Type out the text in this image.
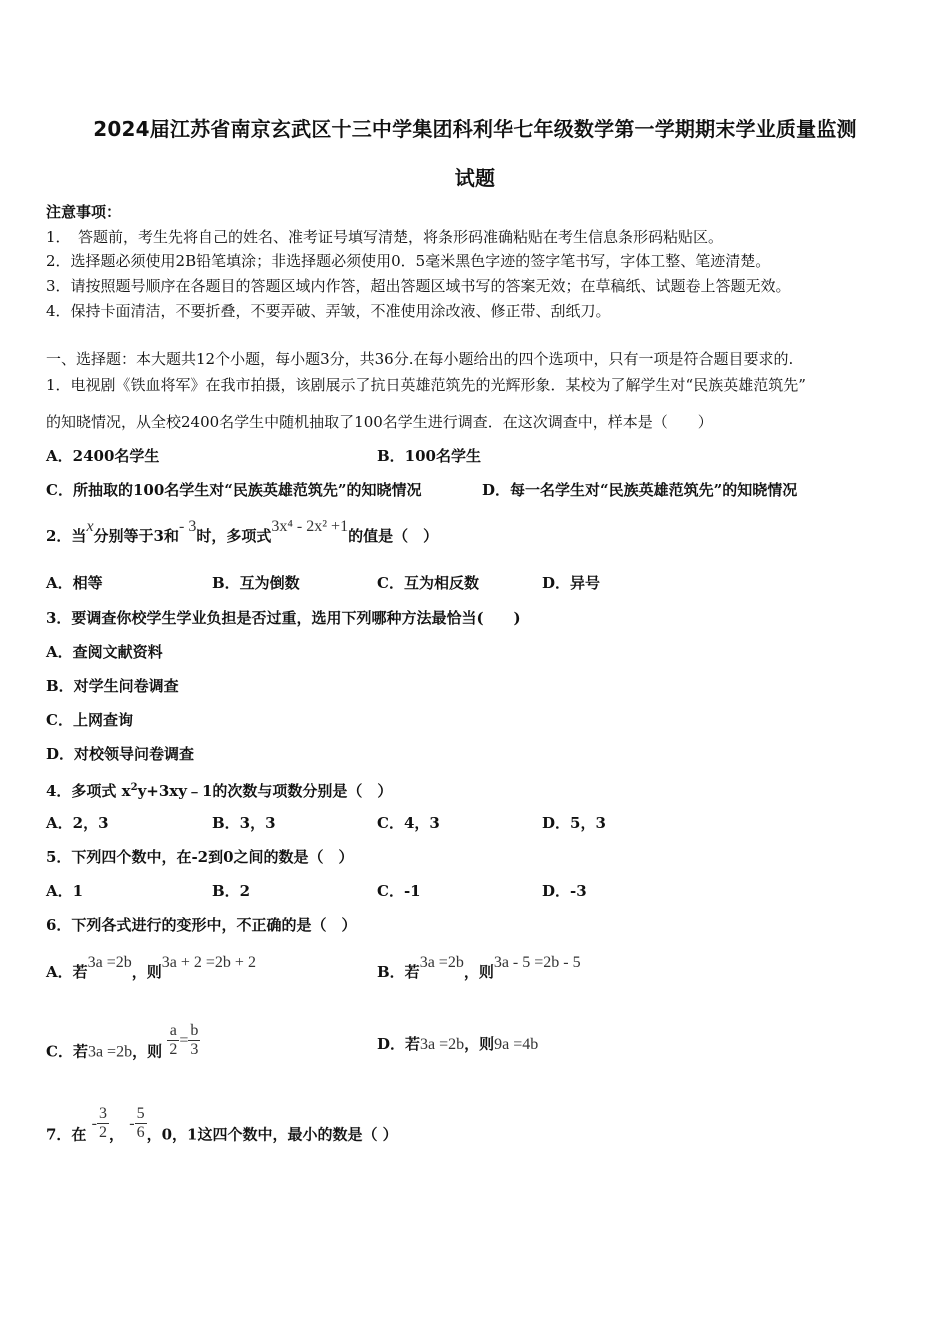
2024届江苏省南京玄武区十三中学集团科利华七年级数学第一学期期末学业质量监测
试题
注意事项：
1．　答题前，考生先将自己的姓名、准考证号填写清楚，将条形码准确粘贴在考生信息条形码粘贴区。
2．选择题必须使用2B铅笔填涂；非选择题必须使用0．5毫米黑色字迹的签字笔书写，字体工整、笔迹清楚。
3．请按照题号顺序在各题目的答题区域内作答，超出答题区域书写的答案无效；在草稿纸、试题卷上答题无效。
4．保持卡面清洁，不要折叠，不要弄破、弄皱，不准使用涂改液、修正带、刮纸刀。
一、选择题：本大题共12个小题，每小题3分，共36分.在每小题给出的四个选项中，只有一项是符合题目要求的.
1．电视剧《铁血将军》在我市拍摄，该剧展示了抗日英雄范筑先的光辉形象．某校为了解学生对“民族英雄范筑先”
的知晓情况，从全校2400名学生中随机抽取了100名学生进行调查．在这次调查中，样本是（　　）
A．2400名学生	B．100名学生
C．所抽取的100名学生对“民族英雄范筑先”的知晓情况	D．每一名学生对“民族英雄范筑先”的知晓情况
2．当x分别等于3和- 3时，多项式3x⁴ - 2x² +1的值是（　）
A．相等	B．互为倒数	C．互为相反数	D．异号
3．要调查你校学生学业负担是否过重，选用下列哪种方法最恰当(　　)
A．查阅文献资料
B．对学生问卷调查
C．上网查询
D．对校领导问卷调查
4．多项式 $x^2y+3xy﹣1$的次数与项数分别是（　）
A．2，3	B．3，3	C．4，3	D．5，3
5．下列四个数中，在-2到0之间的数是（　）
A．1	B．2	C．-1	D．-3
6．下列各式进行的变形中，不正确的是（　）
A．若3a =2b，则3a + 2 =2b + 2
B．若3a =2b，则3a - 5 =2b - 5
C．若3a =2b，则 $\frac{a}{2} = \frac{b}{3}$	D．若3a =2b，则9a =4b
7．在 - $\frac{3}{2}$ ， - $\frac{5}{6}$ ，0，1这四个数中，最小的数是（ ）
